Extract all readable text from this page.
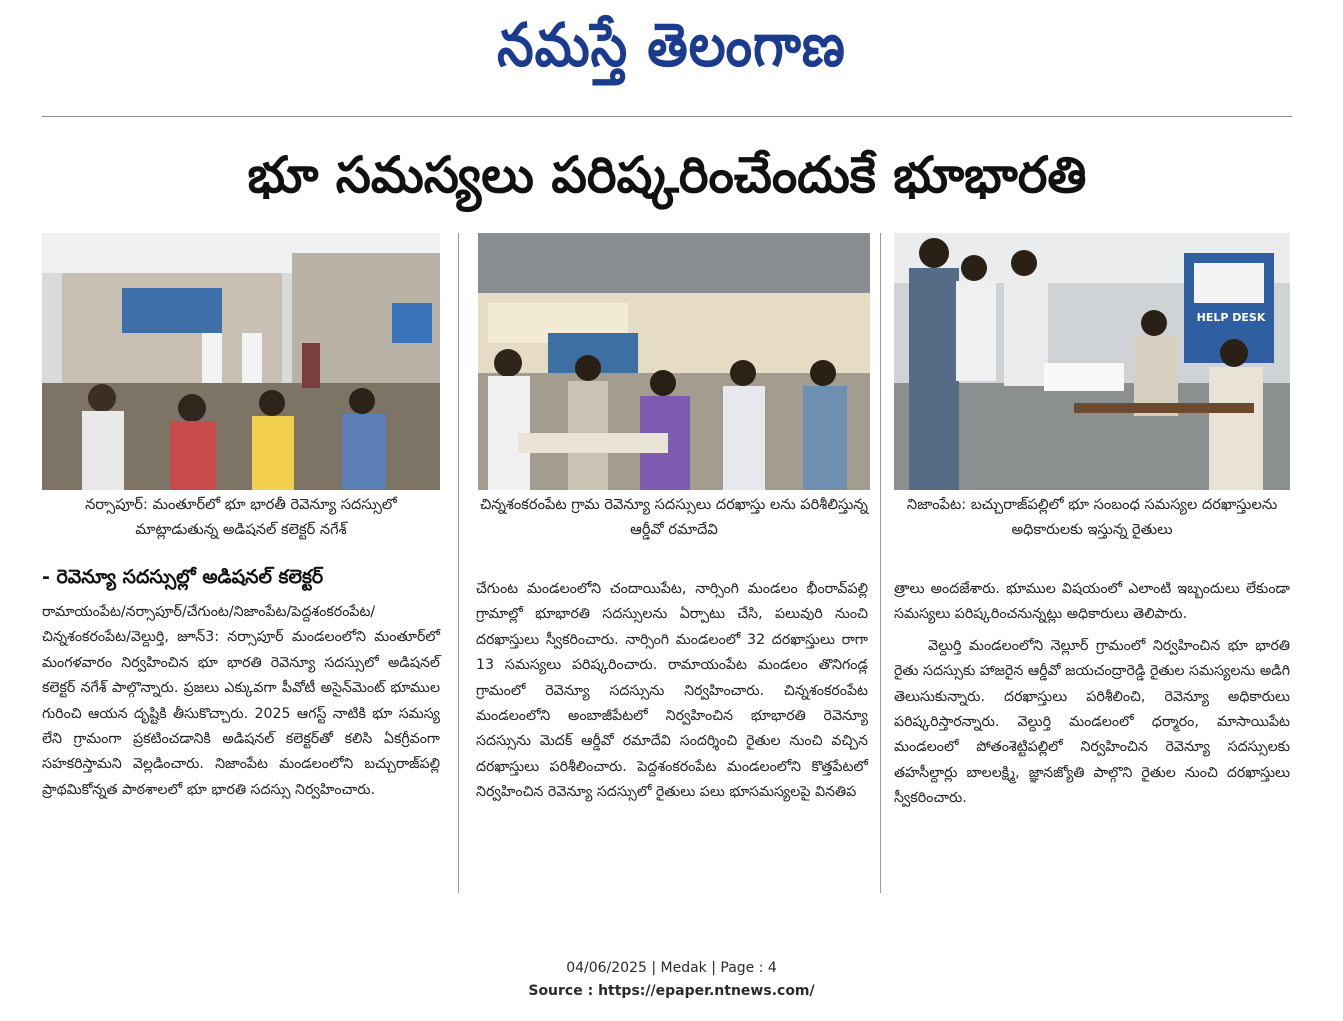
నమస్తే తెలంగాణ
భూ సమస్యలు పరిష్కరించేందుకే భూభారతి
HELP DESK
నర్సాపూర్: మంతూర్‌లో భూ భారతీ రెవెన్యూ సదస్సులో మాట్లాడుతున్న అడిషనల్ కలెక్టర్ నగేశ్
చిన్నశంకరంపేట గ్రామ రెవెన్యూ సదస్సులు దరఖాస్తు లను పరిశీలిస్తున్న ఆర్డీవో రమాదేవి
నిజాంపేట: బచ్చురాజ్‌పల్లిలో భూ సంబంధ సమస్యల దరఖాస్తులను అధికారులకు ఇస్తున్న రైతులు
- రెవెన్యూ సదస్సుల్లో అడిషనల్ కలెక్టర్

రామాయంపేట/నర్సాపూర్/చేగుంట/నిజాంపేట/పెద్దశంకరంపేట/ చిన్నశంకరంపేట/వెల్దుర్తి, జూన్3: నర్సాపూర్ మండలంలోని మంతూర్‌లో మంగళవారం నిర్వహించిన భూ భారతి రెవెన్యూ సదస్సులో అడిషనల్ కలెక్టర్ నగేశ్ పాల్గొన్నారు. ప్రజలు ఎక్కువగా పీవోటీ అసైన్‌మెంట్ భూముల గురించి ఆయన దృష్టికి తీసుకొచ్చారు. 2025 ఆగస్ట్ నాటికి భూ సమస్య లేని గ్రామంగా ప్రకటించడానికి అడిషనల్ కలెక్టర్‌తో కలిసి ఏకగ్రీవంగా సహకరిస్తామని వెల్లడించారు. నిజాంపేట మండలంలోని బచ్చురాజ్‌పల్లి ప్రాథమికోన్నత పాఠశాలలో భూ భారతి సదస్సు నిర్వహించారు.

చేగుంట మండలంలోని చందాయిపేట, నార్సింగి మండలం భీంరావ్‌పల్లి గ్రామాల్లో భూభారతి సదస్సులను ఏర్పాటు చేసి, పలువురి నుంచి దరఖాస్తులు స్వీకరించారు. నార్సింగి మండలంలో 32 దరఖాస్తులు రాగా 13 సమస్యలు పరిష్కరించారు. రామాయంపేట మండలం తొనిగండ్ల గ్రామంలో రెవెన్యూ సదస్సును నిర్వహించారు. చిన్నశంకరంపేట మండలంలోని అంబాజీపేటలో నిర్వహించిన భూభారతి రెవెన్యూ సదస్సును మెదక్ ఆర్డీవో రమాదేవి సందర్శించి రైతుల నుంచి వచ్చిన దరఖాస్తులు పరిశీలించారు. పెద్దశంకరంపేట మండలంలోని కొత్తపేటలో నిర్వహించిన రెవెన్యూ సదస్సులో రైతులు పలు భూసమస్యలపై వినతిప

త్రాలు అందజేశారు. భూముల విషయంలో ఎలాంటి ఇబ్బందులు లేకుండా సమస్యలు పరిష్కరించనున్నట్లు అధికారులు తెలిపారు.

వెల్దుర్తి మండలంలోని నెల్లూర్ గ్రామంలో నిర్వహించిన భూ భారతి రైతు సదస్సుకు హాజరైన ఆర్డీవో జయచంద్రారెడ్డి రైతుల సమస్యలను అడిగి తెలుసుకున్నారు. దరఖాస్తులు పరిశీలించి, రెవెన్యూ అధికారులు పరిష్కరిస్తారన్నారు. వెల్దుర్తి మండలంలో ధర్మారం, మాసాయిపేట మండలంలో పోతంశెట్టిపల్లిలో నిర్వహించిన రెవెన్యూ సదస్సులకు తహసీల్దార్లు బాలలక్ష్మి, జ్ఞానజ్యోతి పాల్గొని రైతుల నుంచి దరఖాస్తులు స్వీకరించారు.

04/06/2025 | Medak | Page : 4
Source : https://epaper.ntnews.com/
